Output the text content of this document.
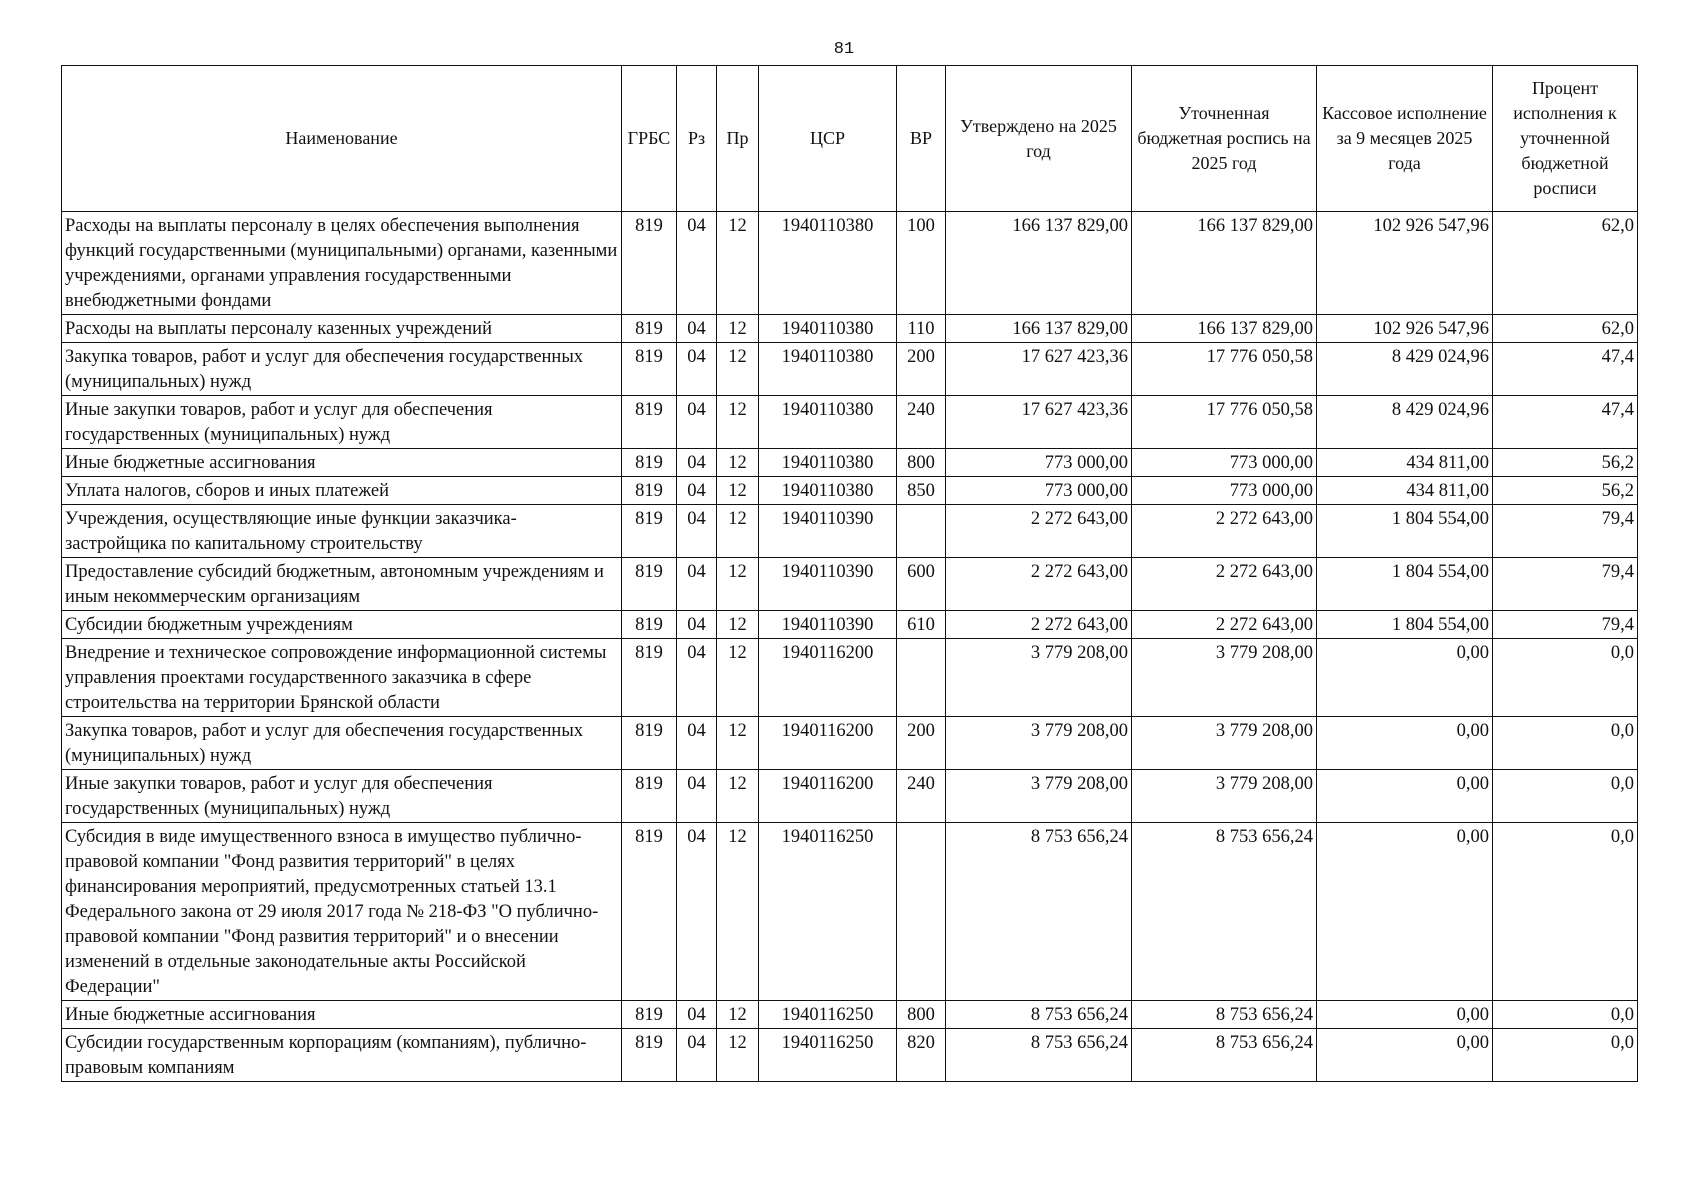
81
Наименование	ГРБС	Рз	Пр	ЦСР	ВР	Утверждено на 2025 год	Уточненная бюджетная роспись на 2025 год	Кассовое исполнение за 9 месяцев 2025 года	Процент исполнения к уточненной бюджетной росписи
Расходы на выплаты персоналу в целях обеспечения выполнения функций государственными (муниципальными) органами, казенными учреждениями, органами управления государственными внебюджетными фондами	819	04	12	1940110380	100	166 137 829,00	166 137 829,00	102 926 547,96	62,0
Расходы на выплаты персоналу казенных учреждений	819	04	12	1940110380	110	166 137 829,00	166 137 829,00	102 926 547,96	62,0
Закупка товаров, работ и услуг для обеспечения государственных (муниципальных) нужд	819	04	12	1940110380	200	17 627 423,36	17 776 050,58	8 429 024,96	47,4
Иные закупки товаров, работ и услуг для обеспечения государственных (муниципальных) нужд	819	04	12	1940110380	240	17 627 423,36	17 776 050,58	8 429 024,96	47,4
Иные бюджетные ассигнования	819	04	12	1940110380	800	773 000,00	773 000,00	434 811,00	56,2
Уплата налогов, сборов и иных платежей	819	04	12	1940110380	850	773 000,00	773 000,00	434 811,00	56,2
Учреждения, осуществляющие иные функции заказчика-застройщика по капитальному строительству	819	04	12	1940110390		2 272 643,00	2 272 643,00	1 804 554,00	79,4
Предоставление субсидий бюджетным, автономным учреждениям и иным некоммерческим организациям	819	04	12	1940110390	600	2 272 643,00	2 272 643,00	1 804 554,00	79,4
Субсидии бюджетным учреждениям	819	04	12	1940110390	610	2 272 643,00	2 272 643,00	1 804 554,00	79,4
Внедрение и техническое сопровождение информационной системы управления проектами государственного заказчика в сфере строительства на территории Брянской области	819	04	12	1940116200		3 779 208,00	3 779 208,00	0,00	0,0
Закупка товаров, работ и услуг для обеспечения государственных (муниципальных) нужд	819	04	12	1940116200	200	3 779 208,00	3 779 208,00	0,00	0,0
Иные закупки товаров, работ и услуг для обеспечения государственных (муниципальных) нужд	819	04	12	1940116200	240	3 779 208,00	3 779 208,00	0,00	0,0
Субсидия в виде имущественного взноса в имущество публично-правовой компании "Фонд развития территорий" в целях финансирования мероприятий, предусмотренных статьей 13.1 Федерального закона от 29 июля 2017 года № 218-ФЗ "О публично-правовой компании "Фонд развития территорий" и о внесении изменений в отдельные законодательные акты Российской Федерации"	819	04	12	1940116250		8 753 656,24	8 753 656,24	0,00	0,0
Иные бюджетные ассигнования	819	04	12	1940116250	800	8 753 656,24	8 753 656,24	0,00	0,0
Субсидии государственным корпорациям (компаниям), публично-правовым компаниям	819	04	12	1940116250	820	8 753 656,24	8 753 656,24	0,00	0,0
